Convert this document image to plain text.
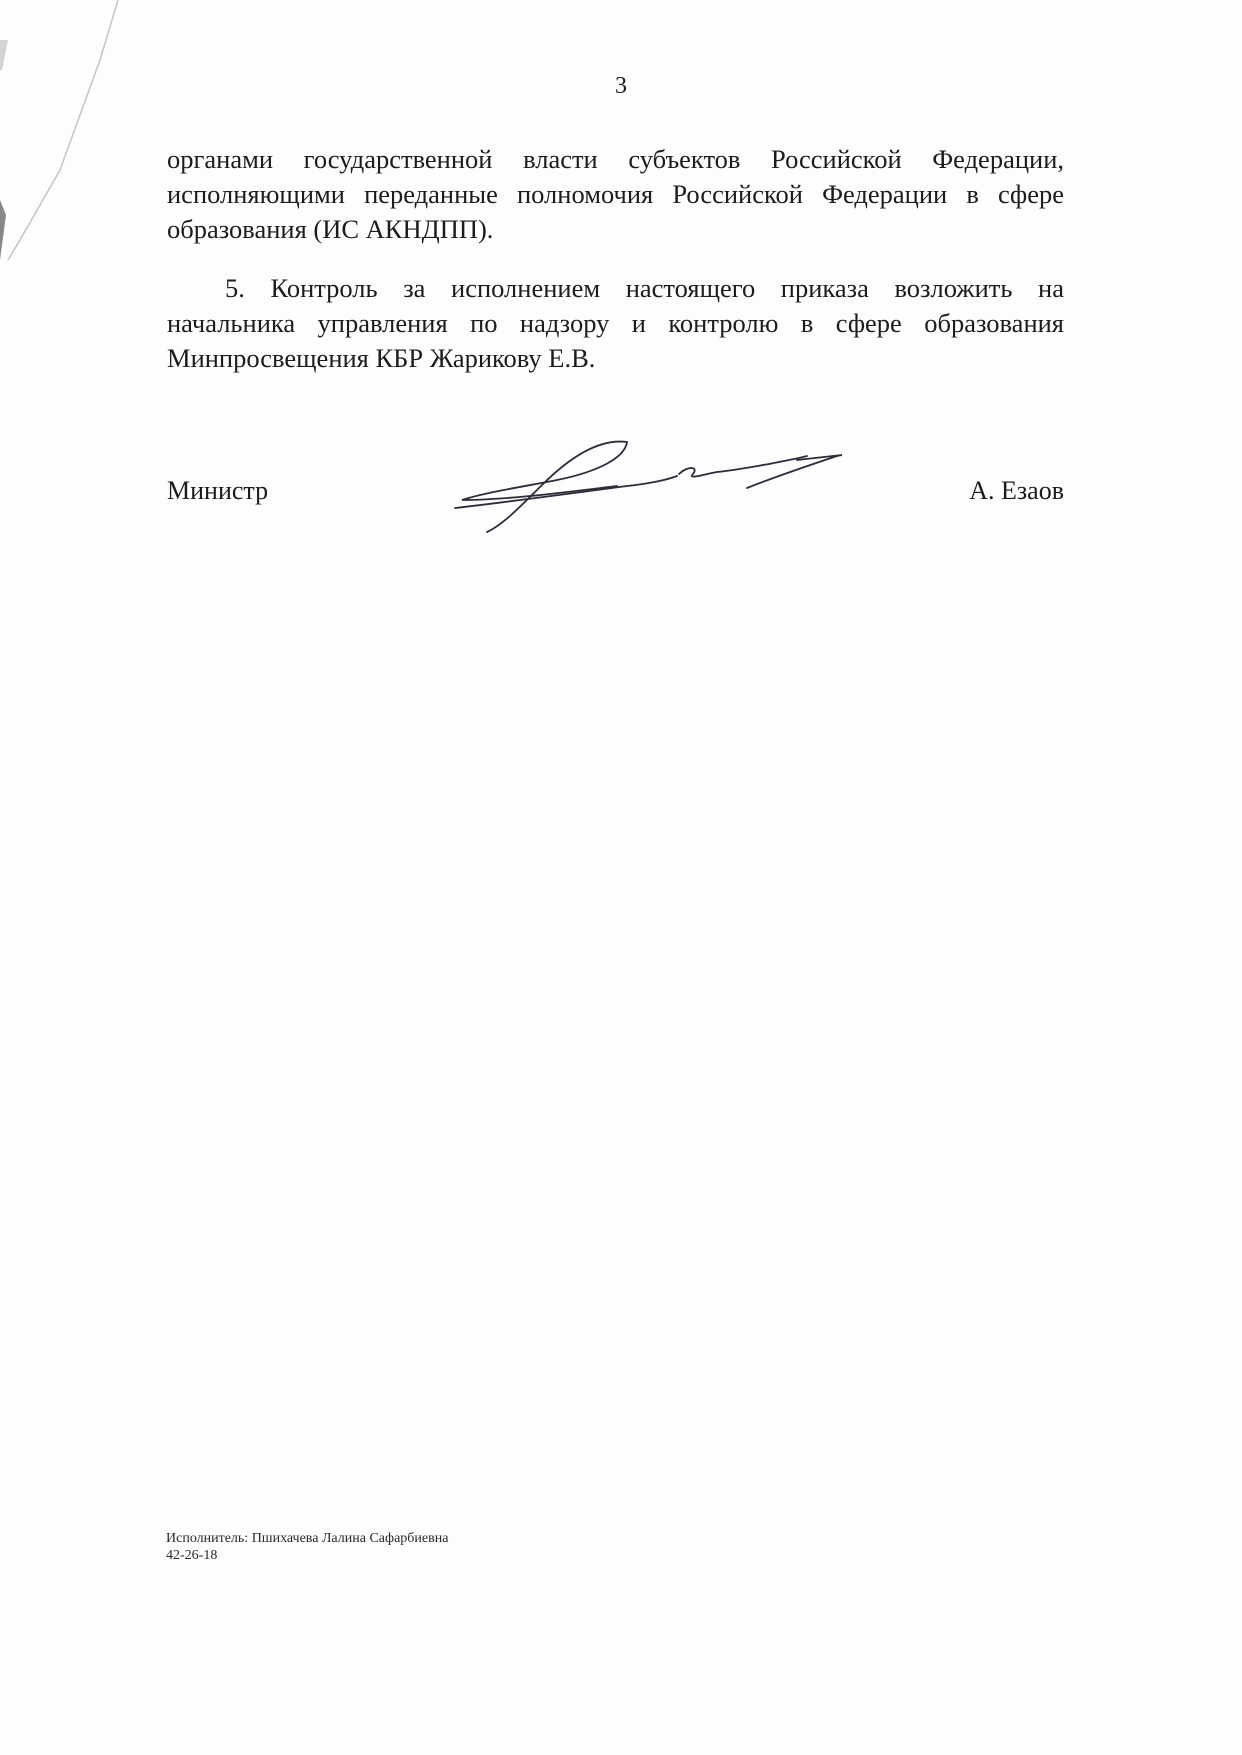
3

органами государственной власти субъектов Российской Федерации, исполняющими переданные полномочия Российской Федерации в сфере образования (ИС АКНДПП).

5. Контроль за исполнением настоящего приказа возложить на начальника управления по надзору и контролю в сфере образования Минпросвещения КБР Жарикову Е.В.

Министр	А. Езаов
Исполнитель: Пшихачева Лалина Сафарбиевна
42-26-18
